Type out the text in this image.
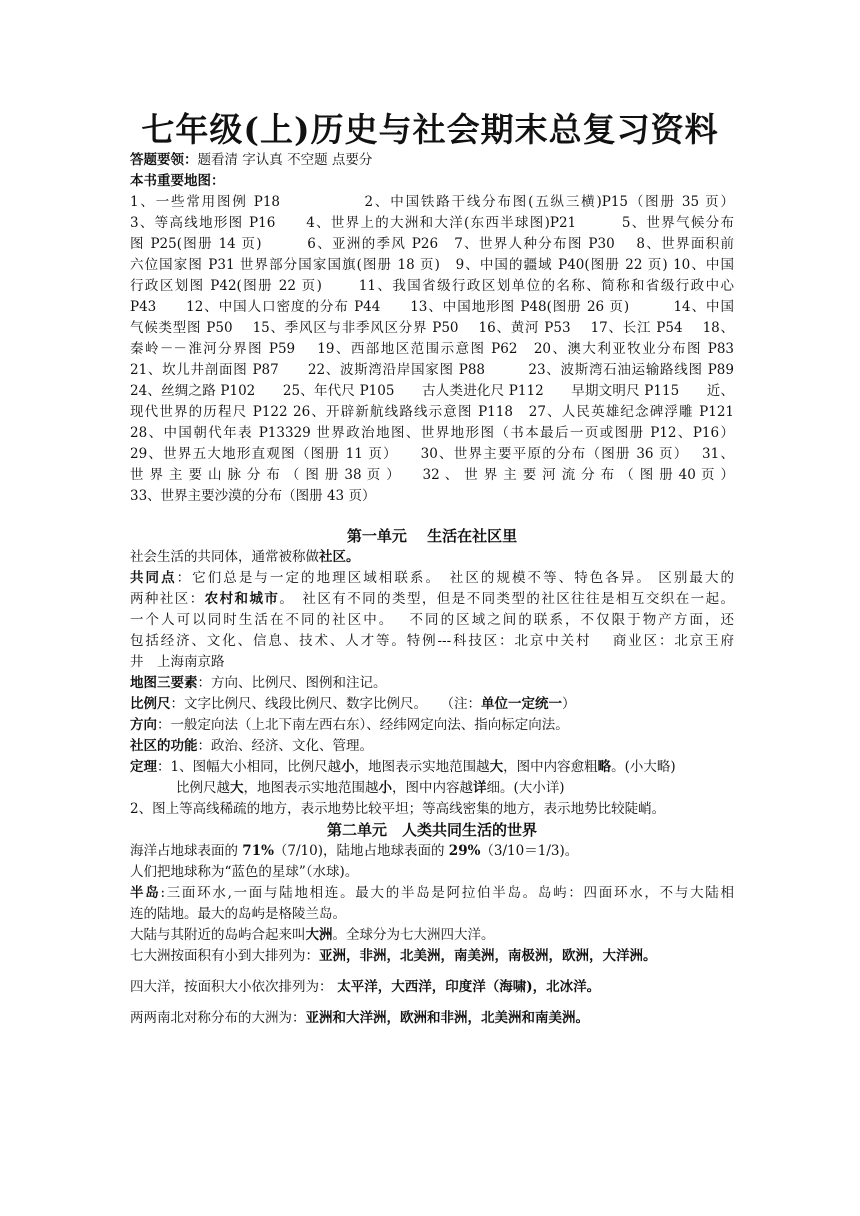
七年级(上)历史与社会期末总复习资料

答题要领：题看清 字认真 不空题 点要分

本书重要地图：

1、一些常用图例 P18　　　　　 2、中国铁路干线分布图(五纵三横)P15（图册 35 页）

3、等高线地形图 P16　　4、世界上的大洲和大洋(东西半球图)P21　　　5、世界气候分布

图 P25(图册 14 页)　　　6、亚洲的季风 P26　7、世界人种分布图 P30　 8、世界面积前

六位国家图 P31 世界部分国家国旗(图册 18 页)　9、中国的疆域 P40(图册 22 页) 10、中国

行政区划图 P42(图册 22 页)　　 11、我国省级行政区划单位的名称、简称和省级行政中心

P43　　12、中国人口密度的分布 P44　　13、中国地形图 P48(图册 26 页)　　　14、中国

气候类型图 P50　 15、季风区与非季风区分界 P50　 16、黄河 P53　 17、长江 P54　 18、

秦岭－－淮河分界图 P59　 19、西部地区范围示意图 P62　20、澳大利亚牧业分布图 P83

21、坎儿井剖面图 P87　　22、波斯湾沿岸国家图 P88　　　23、波斯湾石油运输路线图 P89

24、丝绸之路 P102　　25、年代尺 P105　　古人类进化尺 P112　　早期文明尺 P115　　近、

现代世界的历程尺 P122 26、开辟新航线路线示意图 P118　27、人民英雄纪念碑浮雕 P121

28、中国朝代年表 P13329 世界政治地图、世界地形图（书本最后一页或图册 P12、P16）

29、世界五大地形直观图（图册 11 页）　　30、世界主要平原的分布（图册 36 页）　 31、

世 界 主 要 山 脉 分 布 （ 图 册 38 页 ）　　32 、 世 界 主 要 河 流 分 布 （ 图 册 40 页 ）

33、世界主要沙漠的分布（图册 43 页）

第一单元　 生活在社区里

社会生活的共同体，通常被称做社区。

共同点：它们总是与一定的地理区域相联系。　社区的规模不等、特色各异。 区别最大的

两种社区：农村和城市。　社区有不同的类型，但是不同类型的社区往往是相互交织在一起。

一个人可以同时生活在不同的社区中。　 不同的区域之间的联系，不仅限于物产方面，还

包括经济、文化、信息、技术、人才等。特例---科技区：北京中关村　 商业区：北京王府

井　上海南京路

地图三要素：方向、比例尺、图例和注记。

比例尺：文字比例尺、线段比例尺、数字比例尺。　　（注：单位一定统一）

方向：一般定向法（上北下南左西右东）、经纬网定向法、指向标定向法。

社区的功能：政治、经济、文化、管理。

定理：1、图幅大小相同，比例尺越小，地图表示实地范围越大，图中内容愈粗略。(小大略)

比例尺越大，地图表示实地范围越小，图中内容越详细。(大小详)

2、图上等高线稀疏的地方，表示地势比较平坦；等高线密集的地方，表示地势比较陡峭。

第二单元　人类共同生活的世界

海洋占地球表面的 71%（7/10)，陆地占地球表面的 29%（3/10＝1/3)。

人们把地球称为“蓝色的星球”（水球)。

半岛:三面环水,一面与陆地相连。最大的半岛是阿拉伯半岛。岛屿：四面环水，不与大陆相

连的陆地。最大的岛屿是格陵兰岛。

大陆与其附近的岛屿合起来叫大洲。全球分为七大洲四大洋。

七大洲按面积有小到大排列为：亚洲，非洲，北美洲，南美洲，南极洲，欧洲，大洋洲。

四大洋，按面积大小依次排列为： 太平洋，大西洋，印度洋（海啸)，北冰洋。

两两南北对称分布的大洲为：亚洲和大洋洲，欧洲和非洲，北美洲和南美洲。
